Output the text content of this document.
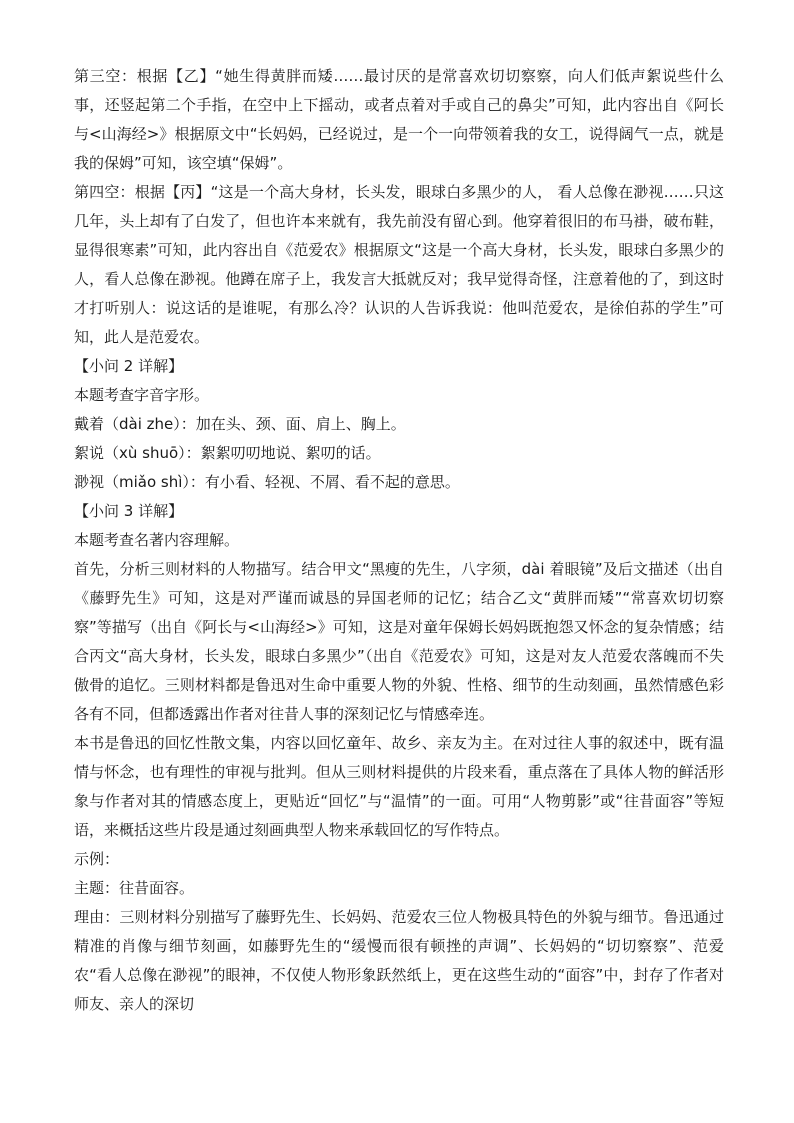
第三空：根据【乙】“她生得黄胖而矮……最讨厌的是常喜欢切切察察，向人们低声絮说些什么事，还竖起第二个手指，在空中上下摇动，或者点着对手或自己的鼻尖”可知，此内容出自《阿长与<山海经>》根据原文中“长妈妈，已经说过，是一个一向带领着我的女工，说得阔气一点，就是我的保姆”可知，该空填“保姆”。

第四空：根据【丙】“这是一个高大身材，长头发，眼球白多黑少的人， 看人总像在渺视……只这几年，头上却有了白发了，但也许本来就有，我先前没有留心到。他穿着很旧的布马褂，破布鞋，显得很寒素”可知，此内容出自《范爱农》根据原文“这是一个高大身材，长头发，眼球白多黑少的人，看人总像在渺视。他蹲在席子上，我发言大抵就反对；我早觉得奇怪，注意着他的了，到这时才打听别人：说这话的是谁呢，有那么冷？认识的人告诉我说：他叫范爱农，是徐伯荪的学生”可知，此人是范爱农。

【小问 2 详解】

本题考查字音字形。

戴着（dài zhe）：加在头、颈、面、肩上、胸上。

絮说（xù shuō）：絮絮叨叨地说、絮叨的话。

渺视（miǎo shì）：有小看、轻视、不屑、看不起的意思。

【小问 3 详解】

本题考查名著内容理解。

首先，分析三则材料的人物描写。结合甲文“黑瘦的先生，八字须，dài 着眼镜”及后文描述（出自《藤野先生》可知，这是对严谨而诚恳的异国老师的记忆；结合乙文“黄胖而矮”“常喜欢切切察察”等描写（出自《阿长与<山海经>》可知，这是对童年保姆长妈妈既抱怨又怀念的复杂情感；结合丙文“高大身材，长头发，眼球白多黑少”（出自《范爱农》可知，这是对友人范爱农落魄而不失傲骨的追忆。三则材料都是鲁迅对生命中重要人物的外貌、性格、细节的生动刻画，虽然情感色彩各有不同，但都透露出作者对往昔人事的深刻记忆与情感牵连。

本书是鲁迅的回忆性散文集，内容以回忆童年、故乡、亲友为主。在对过往人事的叙述中，既有温情与怀念，也有理性的审视与批判。但从三则材料提供的片段来看，重点落在了具体人物的鲜活形象与作者对其的情感态度上，更贴近“回忆”与“温情”的一面。可用“人物剪影”或“往昔面容”等短语，来概括这些片段是通过刻画典型人物来承载回忆的写作特点。

示例：

主题：往昔面容。

理由：三则材料分别描写了藤野先生、长妈妈、范爱农三位人物极具特色的外貌与细节。鲁迅通过精准的肖像与细节刻画，如藤野先生的“缓慢而很有顿挫的声调”、长妈妈的“切切察察”、范爱农“看人总像在渺视”的眼神，不仅使人物形象跃然纸上，更在这些生动的“面容”中，封存了作者对师友、亲人的深切
